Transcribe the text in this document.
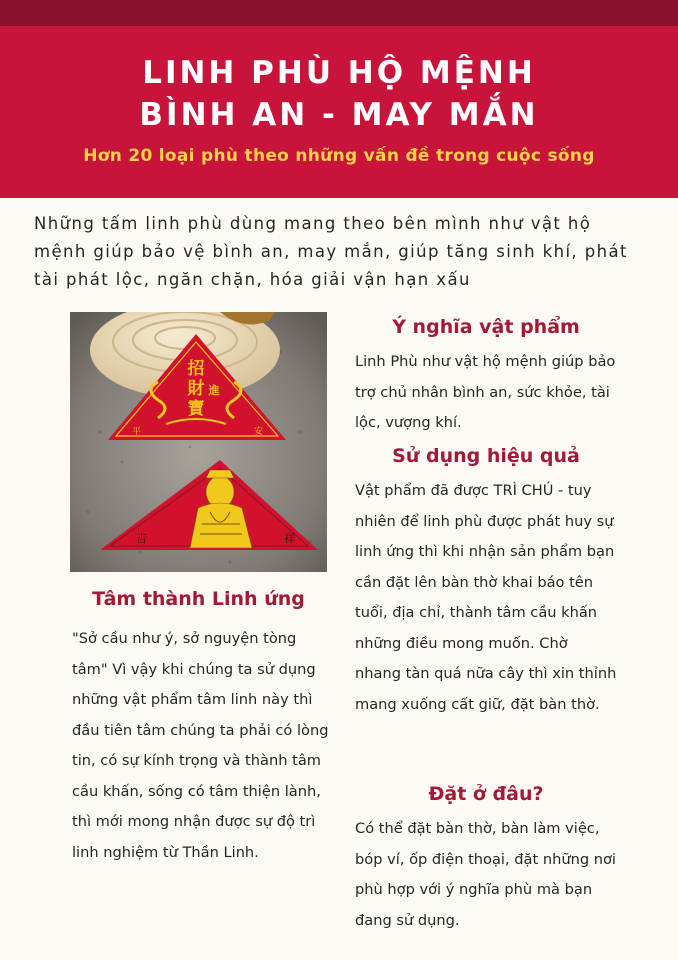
LINH PHÙ HỘ MỆNH
BÌNH AN - MAY MẮN
Hơn 20 loại phù theo những vấn đề trong cuộc sống

Những tấm linh phù dùng mang theo bên mình như vật hộ mệnh giúp bảo vệ bình an, may mắn, giúp tăng sinh khí, phát tài phát lộc, ngăn chặn, hóa giải vận hạn xấu

招
財 進
寶
平	安
吉	祥
Tâm thành Linh ứng

"Sở cầu như ý, sở nguyện tòng tâm" Vì vậy khi chúng ta sử dụng những vật phẩm tâm linh này thì đầu tiên tâm chúng ta phải có lòng tin, có sự kính trọng và thành tâm cầu khấn, sống có tâm thiện lành, thì mới mong nhận được sự độ trì linh nghiệm từ Thần Linh.

Ý nghĩa vật phẩm

Linh Phù như vật hộ mệnh giúp bảo trợ chủ nhân bình an, sức khỏe, tài lộc, vượng khí.

Sử dụng hiệu quả

Vật phẩm đã được TRÌ CHÚ - tuy nhiên để linh phù được phát huy sự linh ứng thì khi nhận sản phẩm bạn cần đặt lên bàn thờ khai báo tên tuổi, địa chỉ, thành tâm cầu khấn những điều mong muốn. Chờ nhang tàn quá nữa cây thì xin thỉnh mang xuống cất giữ, đặt bàn thờ.

Đặt ở đâu?

Có thể đặt bàn thờ, bàn làm việc, bóp ví, ốp điện thoại, đặt những nơi phù hợp với ý nghĩa phù mà bạn đang sử dụng.
